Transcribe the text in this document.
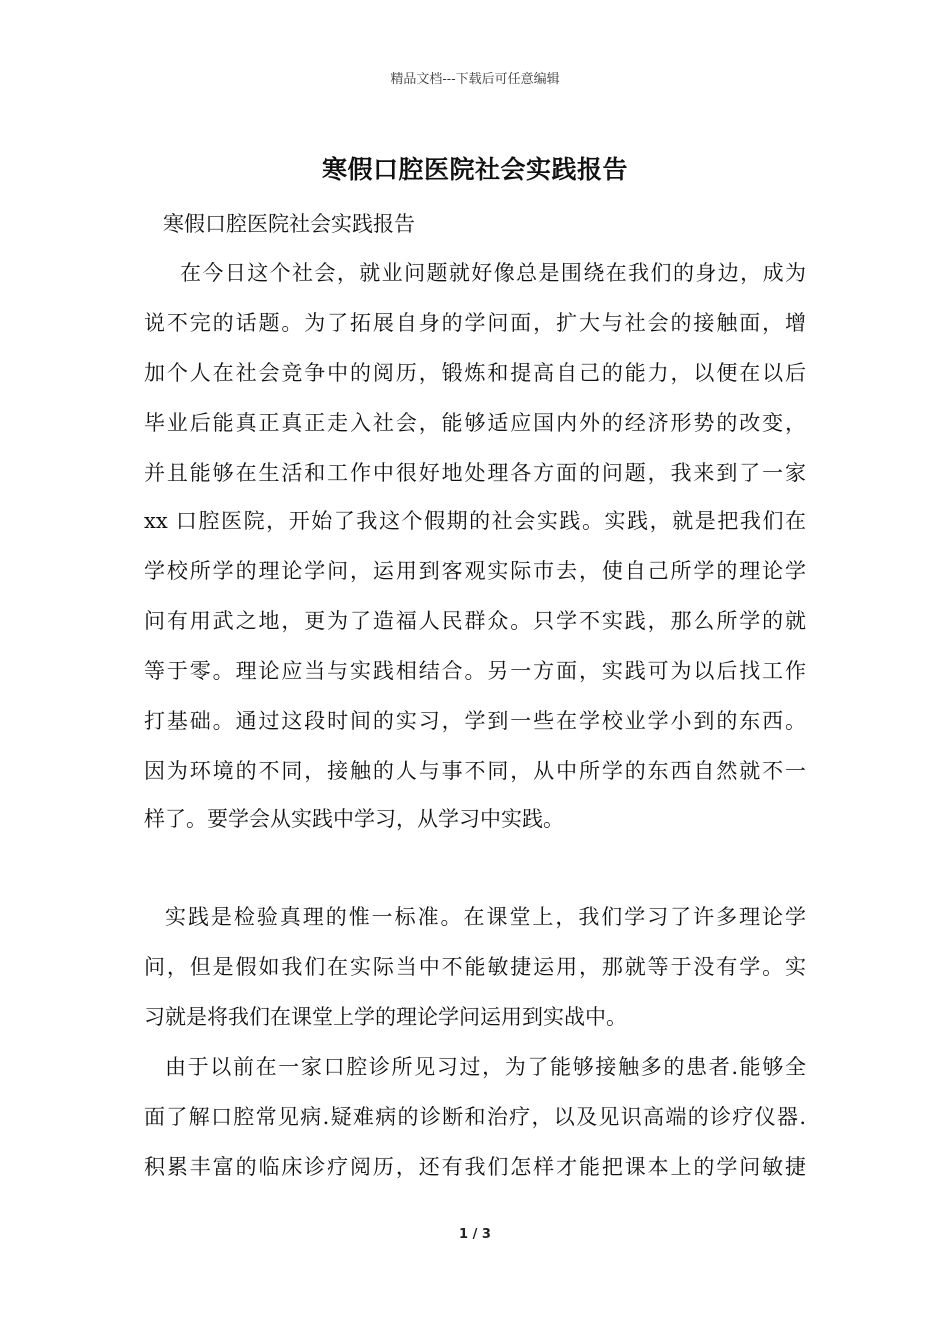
精品文档---下载后可任意编辑
寒假口腔医院社会实践报告
寒假口腔医院社会实践报告
在今日这个社会，就业问题就好像总是围绕在我们的身边，成为
说不完的话题。为了拓展自身的学问面，扩大与社会的接触面，增
加个人在社会竞争中的阅历，锻炼和提高自己的能力，以便在以后
毕业后能真正真正走入社会，能够适应国内外的经济形势的改变，
并且能够在生活和工作中很好地处理各方面的问题，我来到了一家
xx 口腔医院，开始了我这个假期的社会实践。实践，就是把我们在
学校所学的理论学问，运用到客观实际巿去，使自己所学的理论学
问有用武之地，更为了造福人民群众。只学不实践，那么所学的就
等于零。理论应当与实践相结合。另一方面，实践可为以后找工作
打基础。通过这段时间的实习，学到一些在学校业学小到的东西。
因为环境的不同，接触的人与事不同，从中所学的东西自然就不一
样了。要学会从实践中学习，从学习中实践。
实践是检验真理的惟一标准。在课堂上，我们学习了许多理论学
问，但是假如我们在实际当中不能敏捷运用，那就等于没有学。实
习就是将我们在课堂上学的理论学问运用到实战中。
由于以前在一家口腔诊所见习过，为了能够接触多的患者.能够全
面了解口腔常见病.疑难病的诊断和治疗，以及见识高端的诊疗仪器.
积累丰富的临床诊疗阅历，还有我们怎样才能把课本上的学问敏捷
1 / 3
